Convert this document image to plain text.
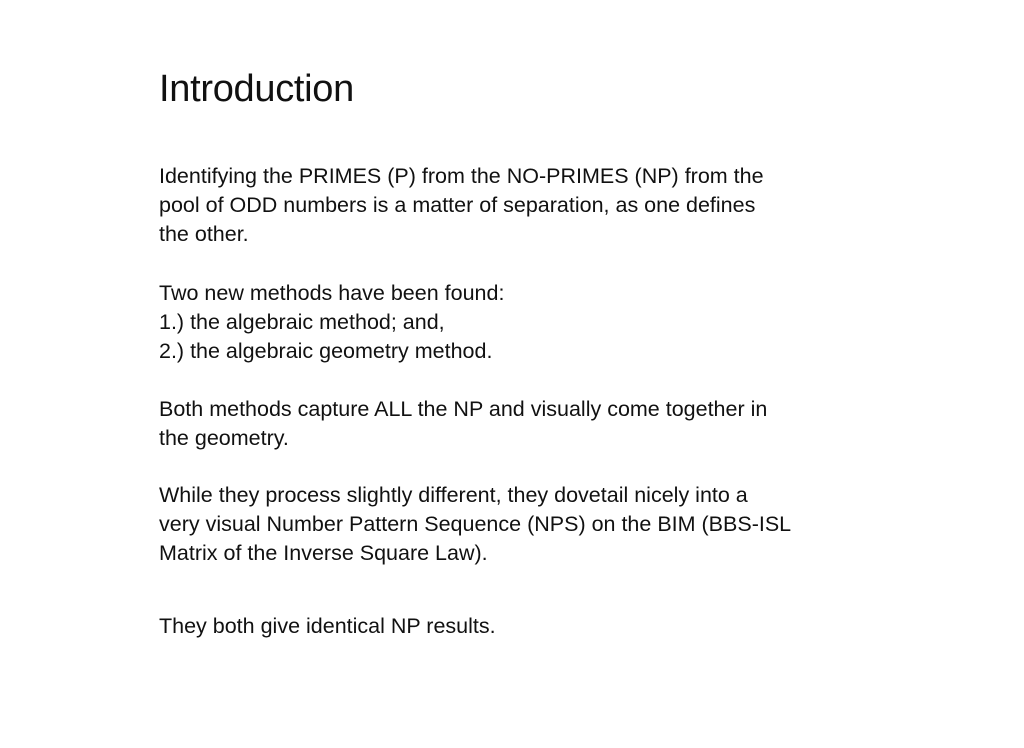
Introduction

Identifying the PRIMES (P) from the NO-PRIMES (NP) from the
pool of ODD numbers is a matter of separation, as one defines
the other.

Two new methods have been found:
1.) the algebraic method; and,
2.) the algebraic geometry method.

Both methods capture ALL the NP and visually come together in
the geometry.

While they process slightly different, they dovetail nicely into a
very visual Number Pattern Sequence (NPS) on the BIM (BBS-ISL
Matrix of the Inverse Square Law).

They both give identical NP results.
